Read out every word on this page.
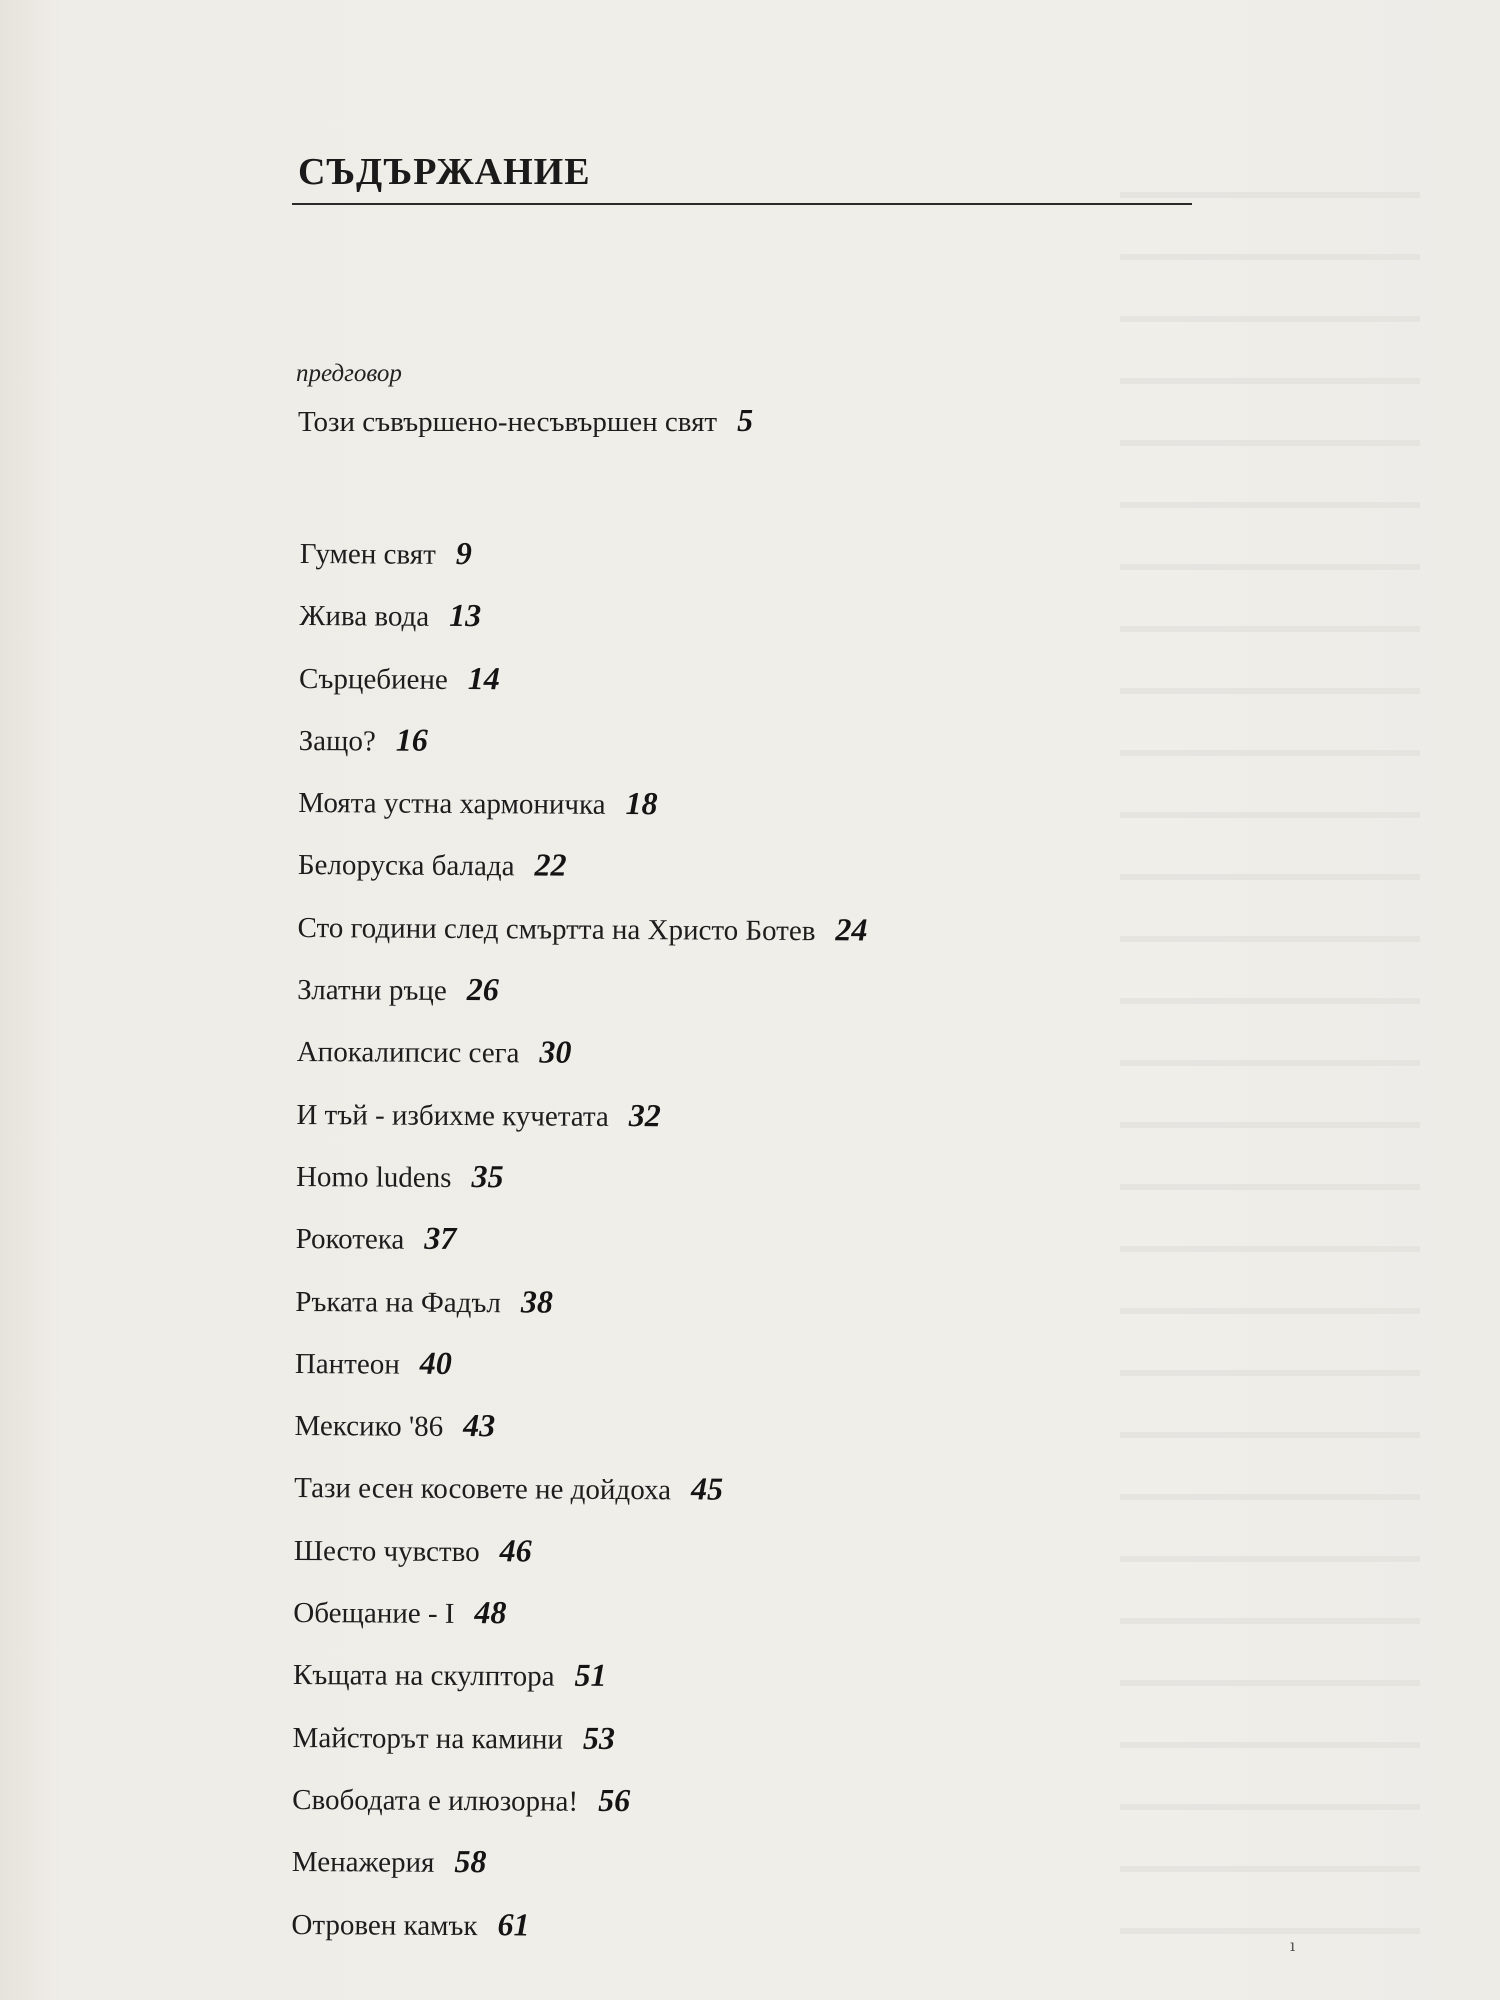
СЪДЪРЖАНИЕ
предговор
Този съвършено-несъвършен свят 5
Гумен свят 9
Жива вода 13
Сърцебиене 14
Защо? 16
Моята устна хармоничка 18
Белоруска балада 22
Сто години след смъртта на Христо Ботев 24
Златни ръце 26
Апокалипсис сега 30
И тъй - избихме кучетата 32
Homo ludens 35
Рокотека 37
Ръката на Фадъл 38
Пантеон 40
Мексико '86 43
Тази есен косовете не дойдоха 45
Шесто чувство 46
Обещание - I 48
Къщата на скулптора 51
Майсторът на камини 53
Свободата е илюзорна! 56
Менажерия 58
Отровен камък 61
ı
